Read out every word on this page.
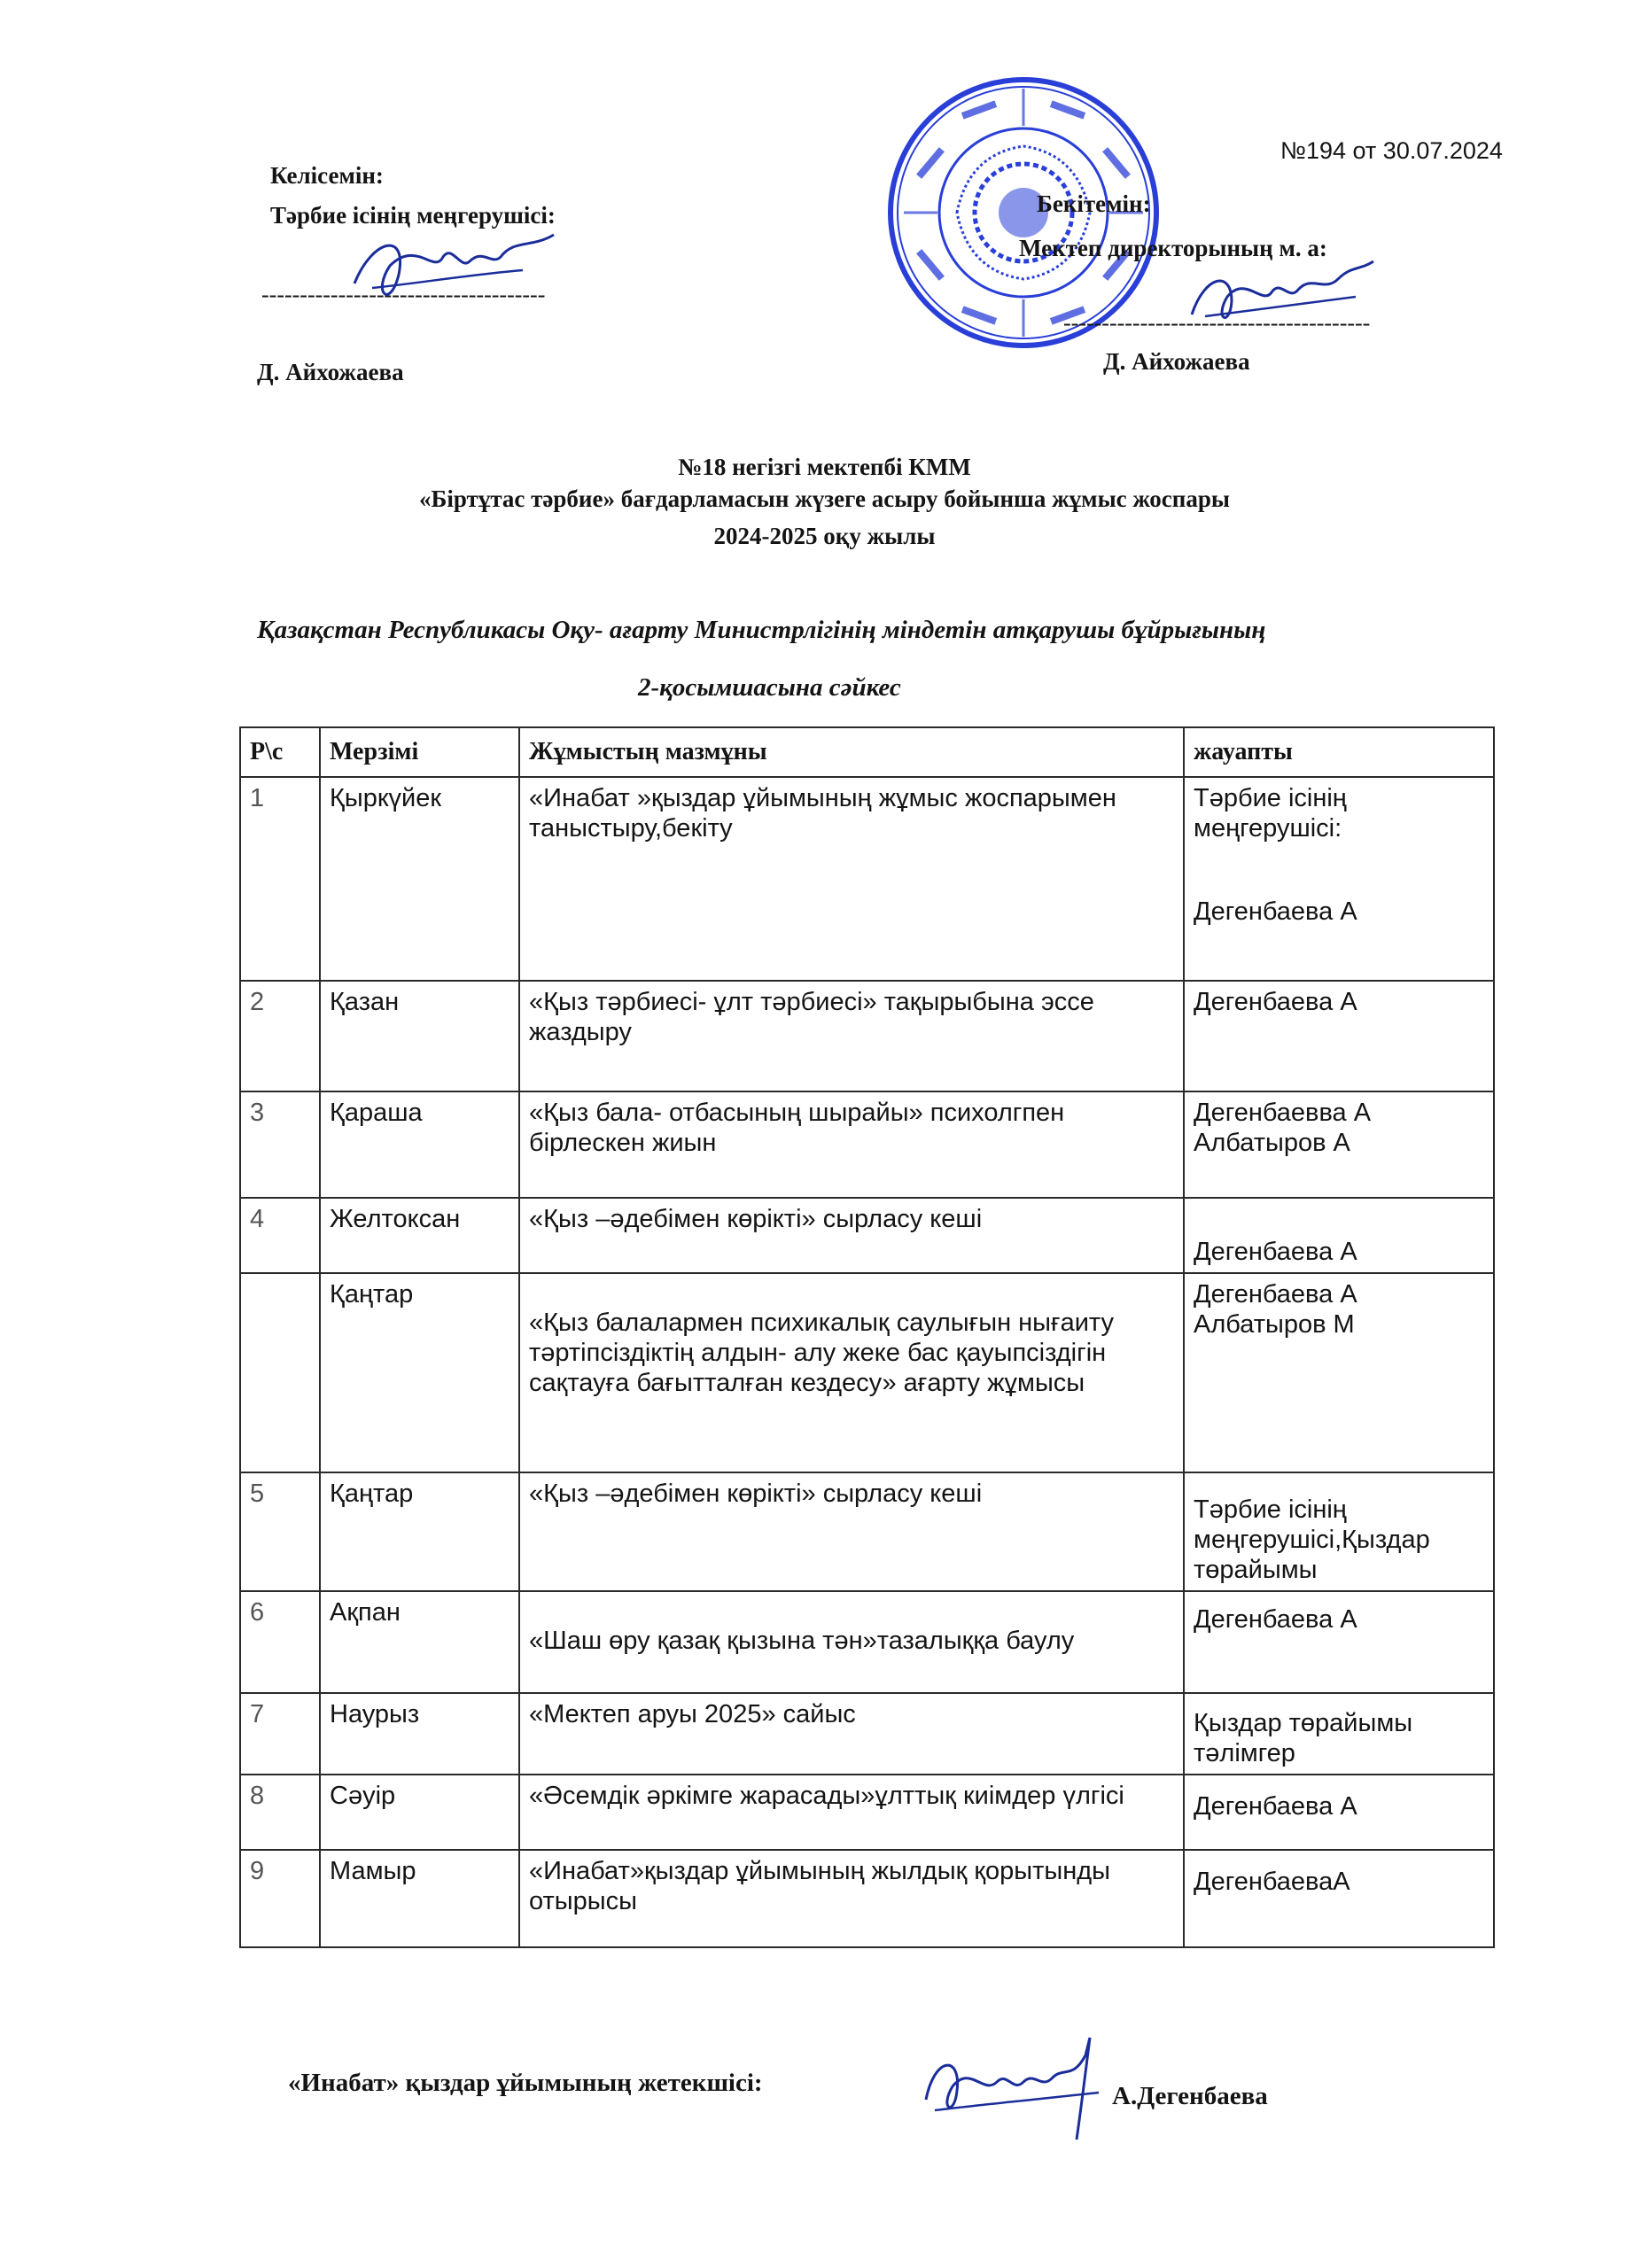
№194 от 30.07.2024
Келісемін:
Тәрбие ісінің меңгерушісі:
-------------------------------------
Д. Айхожаева
Бекітемін:
Мектеп директорының м. а:
----------------------------------------
Д. Айхожаева
№18 негізгі мектепбі КММ
«Біртұтас тәрбие» бағдарламасын жүзеге асыру бойынша жұмыс жоспары
2024-2025 оқу жылы
Қазақстан Республикасы Оқу- ағарту Министрлігінің міндетін атқарушы бұйрығының
2-қосымшасына сәйкес
Р\с	Мерзімі	Жұмыстың мазмұны	жауапты
1	Қыркүйек	«Инабат »қыздар ұйымының жұмыс жоспарымен таныстыру,бекіту	Тәрбие ісінің меңгерушісі:
Дегенбаева А

2	Қазан	«Қыз тәрбиесі- ұлт тәрбиесі» тақырыбына эссе жаздыру	Дегенбаева А
3	Қараша	«Қыз бала- отбасының шырайы» психолгпен бірлескен жиын	Дегенбаевва А
Албатыров А

4	Желтоксан	«Қыз –әдебімен көрікті» сырласу кеші	Дегенбаева А

	Қаңтар	«Қыз балалармен психикалық саулығын нығаиту тәртіпсіздіктің алдын- алу жеке бас қауыпсіздігін сақтауға бағытталған кездесу» ағарту жұмысы	Дегенбаева А
Албатыров М

5	Қаңтар	«Қыз –әдебімен көрікті» сырласу кеші	Тәрбие ісінің меңгерушісі,Қыздар төрайымы
6	Ақпан	«Шаш өру қазақ қызына тән»тазалыққа баулу	Дегенбаева А
7	Наурыз	«Мектеп аруы 2025» сайыс	Қыздар төрайымы тәлімгер
8	Сәуір	«Әсемдік әркімге жарасады»ұлттық киімдер үлгісі	Дегенбаева А
9	Мамыр	«Инабат»қыздар ұйымының жылдық қорытынды отырысы	ДегенбаеваА
«Инабат» қыздар ұйымының жетекшісі:	А.Дегенбаева
